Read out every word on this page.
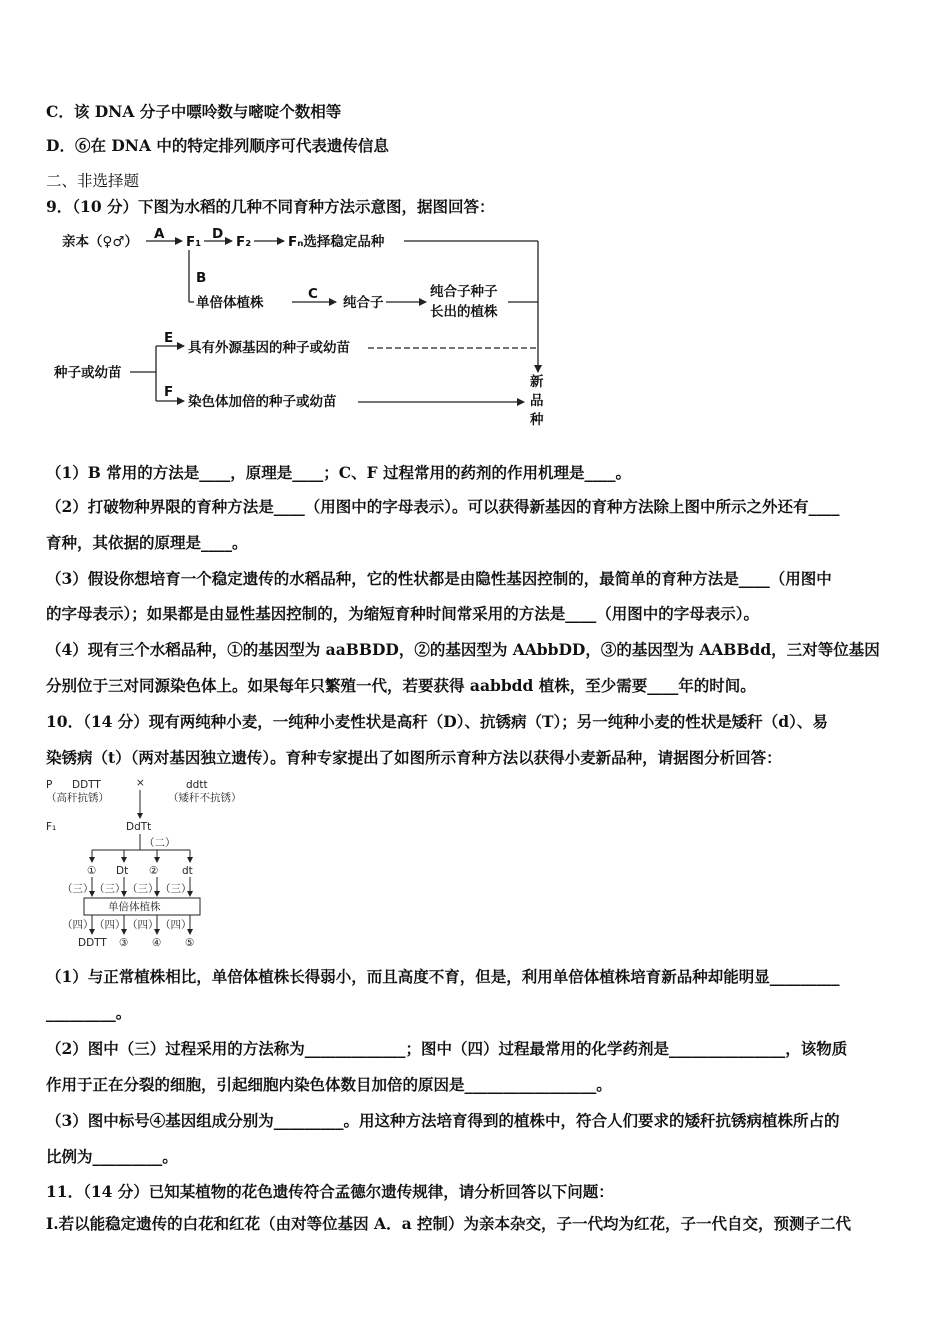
C．该 DNA 分子中嘌呤数与嘧啶个数相等
D．⑥在 DNA 中的特定排列顺序可代表遗传信息
二、非选择题
9．（10 分）下图为水稻的几种不同育种方法示意图，据图回答：
亲本（♀♂） A F₁ D F₂	Fₙ选择稳定品种
B
单倍体植株
C
纯合子
纯合子种子
长出的植株
种子或幼苗
E
具有外源基因的种子或幼苗
F
染色体加倍的种子或幼苗
新
品
种
（1）B 常用的方法是____，原理是____；C、F 过程常用的药剂的作用机理是____。
（2）打破物种界限的育种方法是____（用图中的字母表示）。可以获得新基因的育种方法除上图中所示之外还有____
育种，其依据的原理是____。
（3）假设你想培育一个稳定遗传的水稻品种，它的性状都是由隐性基因控制的，最简单的育种方法是____（用图中
的字母表示）；如果都是由显性基因控制的，为缩短育种时间常采用的方法是____（用图中的字母表示）。
（4）现有三个水稻品种，①的基因型为 aaBBDD，②的基因型为 AAbbDD，③的基因型为 AABBdd，三对等位基因
分别位于三对同源染色体上。如果每年只繁殖一代，若要获得 aabbdd 植株，至少需要____年的时间。
10．（14 分）现有两纯种小麦，一纯种小麦性状是高秆（D）、抗锈病（T）；另一纯种小麦的性状是矮秆（d）、易
染锈病（t）（两对基因独立遗传）。育种专家提出了如图所示育种方法以获得小麦新品种，请据图分析回答：
P DDTT	×	ddtt
（高秆抗锈）	（矮秆不抗锈）
F₁	DdTt
（二）
① Dt ② dt
（三） （三） （三） （三）
单倍体植株
（四） （四） （四） （四）
DDTT ③ ④ ⑤
（1）与正常植株相比，单倍体植株长得弱小，而且高度不育，但是，利用单倍体植株培育新品种却能明显_________
_________。
（2）图中（三）过程采用的方法称为_____________；图中（四）过程最常用的化学药剂是_______________，该物质
作用于正在分裂的细胞，引起细胞内染色体数目加倍的原因是_________________。
（3）图中标号④基因组成分别为_________。用这种方法培育得到的植株中，符合人们要求的矮秆抗锈病植株所占的
比例为_________。
11．（14 分）已知某植物的花色遗传符合孟德尔遗传规律，请分析回答以下问题：
Ⅰ.若以能稳定遗传的白花和红花（由对等位基因 A．a 控制）为亲本杂交，子一代均为红花，子一代自交，预测子二代
